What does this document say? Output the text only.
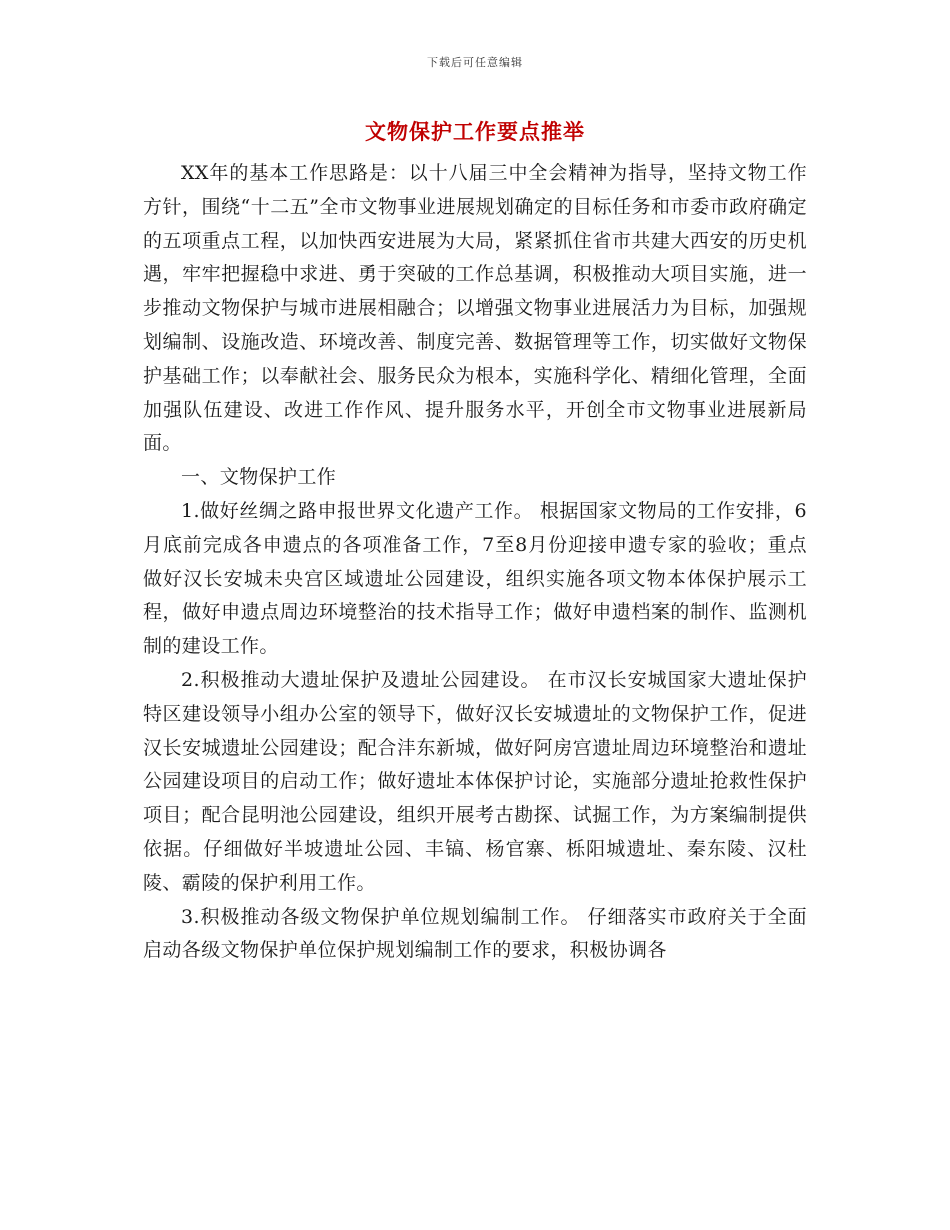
下载后可任意编辑
文物保护工作要点推举

XX年的基本工作思路是：以十八届三中全会精神为指导，坚持文物工作方针，围绕“十二五”全市文物事业进展规划确定的目标任务和市委市政府确定的五项重点工程，以加快西安进展为大局，紧紧抓住省市共建大西安的历史机遇，牢牢把握稳中求进、勇于突破的工作总基调，积极推动大项目实施，进一步推动文物保护与城市进展相融合；以增强文物事业进展活力为目标，加强规划编制、设施改造、环境改善、制度完善、数据管理等工作，切实做好文物保护基础工作；以奉献社会、服务民众为根本，实施科学化、精细化管理，全面加强队伍建设、改进工作作风、提升服务水平，开创全市文物事业进展新局面。

一、文物保护工作

1.做好丝绸之路申报世界文化遗产工作。 根据国家文物局的工作安排，6月底前完成各申遗点的各项准备工作，7至8月份迎接申遗专家的验收；重点做好汉长安城未央宫区域遗址公园建设，组织实施各项文物本体保护展示工程，做好申遗点周边环境整治的技术指导工作；做好申遗档案的制作、监测机制的建设工作。

2.积极推动大遗址保护及遗址公园建设。 在市汉长安城国家大遗址保护特区建设领导小组办公室的领导下，做好汉长安城遗址的文物保护工作，促进汉长安城遗址公园建设；配合沣东新城，做好阿房宫遗址周边环境整治和遗址公园建设项目的启动工作；做好遗址本体保护讨论，实施部分遗址抢救性保护项目；配合昆明池公园建设，组织开展考古勘探、试掘工作，为方案编制提供依据。仔细做好半坡遗址公园、丰镐、杨官寨、栎阳城遗址、秦东陵、汉杜陵、霸陵的保护利用工作。

3.积极推动各级文物保护单位规划编制工作。 仔细落实市政府关于全面启动各级文物保护单位保护规划编制工作的要求，积极协调各
